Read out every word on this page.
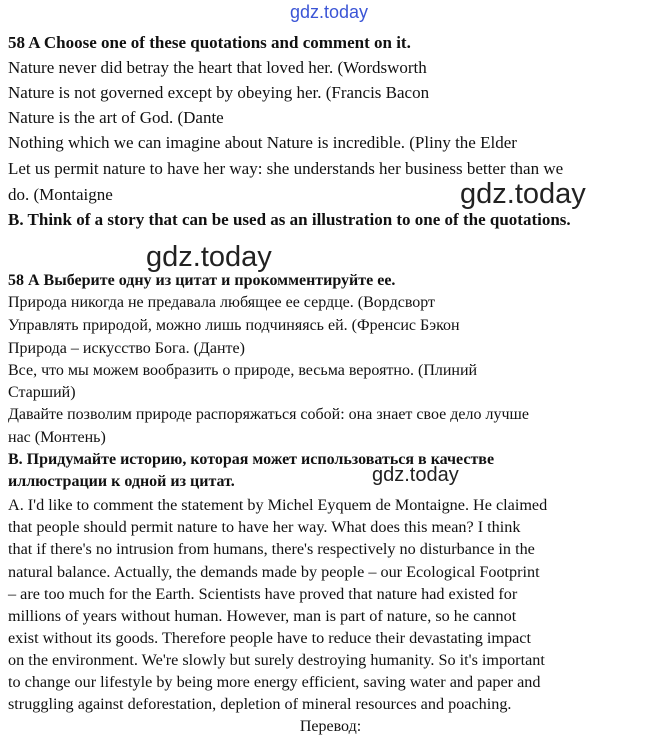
gdz.today
58 A Choose one of these quotations and comment on it.
Nature never did betray the heart that loved her. (Wordsworth
Nature is not governed except by obeying her. (Francis Bacon
Nature is the art of God. (Dante
Nothing which we can imagine about Nature is incredible. (Pliny the Elder
Let us permit nature to have her way: she understands her business better than we
do. (Montaigne
B. Think of a story that can be used as an illustration to one of the quotations.
gdz.today
gdz.today
58 А Выберите одну из цитат и прокомментируйте ее.
Природа никогда не предавала любящее ее сердце. (Вордсворт
Управлять природой, можно лишь подчиняясь ей. (Френсис Бэкон
Природа – искусство Бога. (Данте)
Все, что мы можем вообразить о природе, весьма вероятно. (Плиний
Старший)
Давайте позволим природе распоряжаться собой: она знает свое дело лучше
нас (Монтень)
В. Придумайте историю, которая может использоваться в качестве
иллюстрации к одной из цитат.	gdz.today
A. I'd like to comment the statement by Michel Eyquem de Montaigne. He claimed
that people should permit nature to have her way. What does this mean? I think
that if there's no intrusion from humans, there's respectively no disturbance in the
natural balance. Actually, the demands made by people – our Ecological Footprint
– are too much for the Earth. Scientists have proved that nature had existed for
millions of years without human. However, man is part of nature, so he cannot
exist without its goods. Therefore people have to reduce their devastating impact
on the environment. We're slowly but surely destroying humanity. So it's important
to change our lifestyle by being more energy efficient, saving water and paper and
struggling against deforestation, depletion of mineral resources and poaching.
Перевод:
